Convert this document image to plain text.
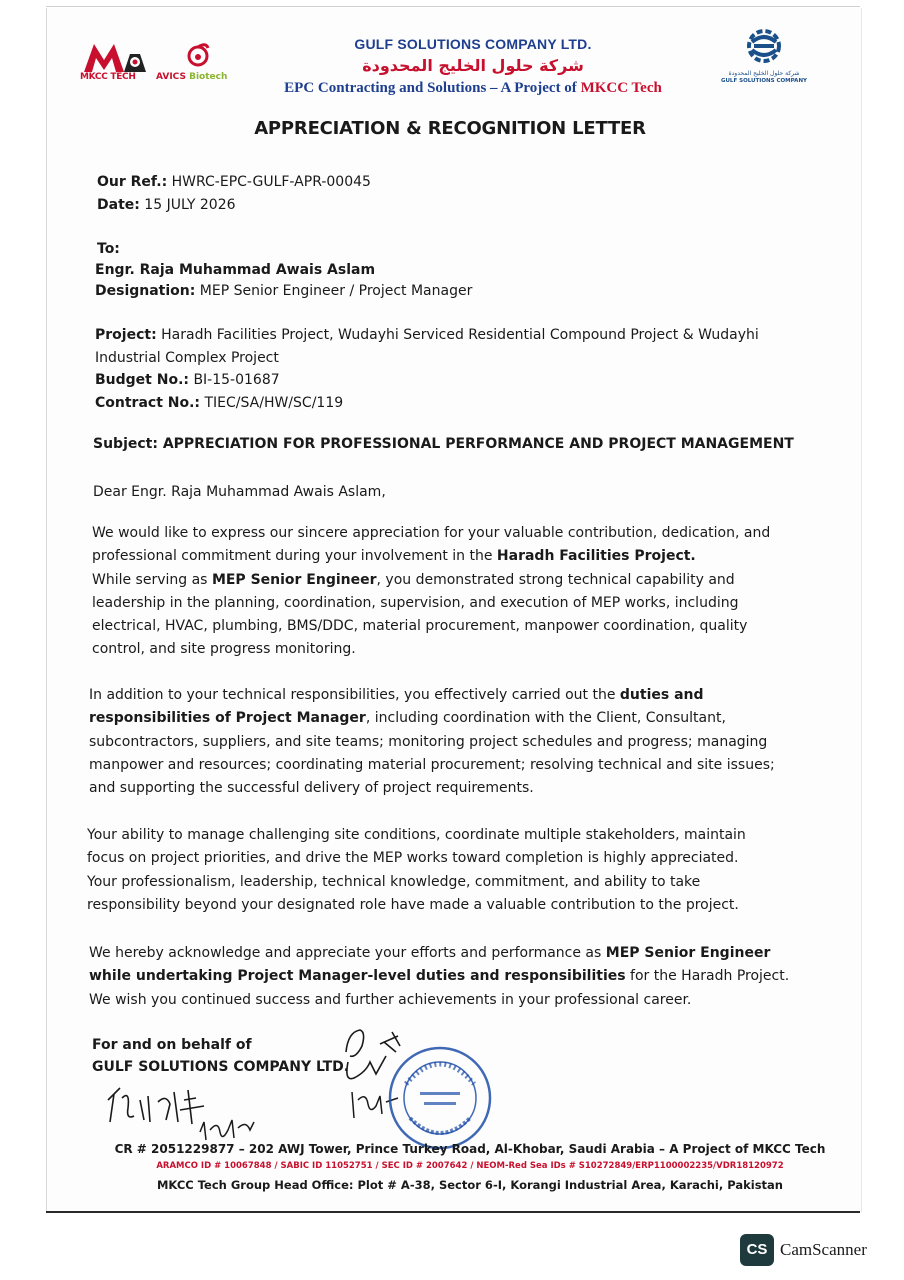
MKCC TECH AVICS Biotech
GULF SOLUTIONS COMPANY LTD.
شركة حلول الخليج المحدودة
EPC Contracting and Solutions – A Project of MKCC Tech
شركة حلول الخليج المحدودة
GULF SOLUTIONS COMPANY
APPRECIATION & RECOGNITION LETTER
Our Ref.: HWRC-EPC-GULF-APR-00045
Date: 15 JULY 2026
To:
Engr. Raja Muhammad Awais Aslam
Designation: MEP Senior Engineer / Project Manager
Project: Haradh Facilities Project, Wudayhi Serviced Residential Compound Project & Wudayhi
Industrial Complex Project
Budget No.: BI-15-01687
Contract No.: TIEC/SA/HW/SC/119
Subject: APPRECIATION FOR PROFESSIONAL PERFORMANCE AND PROJECT MANAGEMENT
Dear Engr. Raja Muhammad Awais Aslam,
We would like to express our sincere appreciation for your valuable contribution, dedication, and
professional commitment during your involvement in the Haradh Facilities Project.
While serving as MEP Senior Engineer, you demonstrated strong technical capability and
leadership in the planning, coordination, supervision, and execution of MEP works, including
electrical, HVAC, plumbing, BMS/DDC, material procurement, manpower coordination, quality
control, and site progress monitoring.
In addition to your technical responsibilities, you effectively carried out the duties and
responsibilities of Project Manager, including coordination with the Client, Consultant,
subcontractors, suppliers, and site teams; monitoring project schedules and progress; managing
manpower and resources; coordinating material procurement; resolving technical and site issues;
and supporting the successful delivery of project requirements.
Your ability to manage challenging site conditions, coordinate multiple stakeholders, maintain
focus on project priorities, and drive the MEP works toward completion is highly appreciated.
Your professionalism, leadership, technical knowledge, commitment, and ability to take
responsibility beyond your designated role have made a valuable contribution to the project.
We hereby acknowledge and appreciate your efforts and performance as MEP Senior Engineer
while undertaking Project Manager-level duties and responsibilities for the Haradh Project.
We wish you continued success and further achievements in your professional career.
For and on behalf of
GULF SOLUTIONS COMPANY LTD.
CR # 2051229877 – 202 AWJ Tower, Prince Turkey Road, Al-Khobar, Saudi Arabia – A Project of MKCC Tech
ARAMCO ID # 10067848 / SABIC ID 11052751 / SEC ID # 2007642 / NEOM-Red Sea IDs # S10272849/ERP1100002235/VDR18120972
MKCC Tech Group Head Office: Plot # A-38, Sector 6-I, Korangi Industrial Area, Karachi, Pakistan
CS CamScanner
